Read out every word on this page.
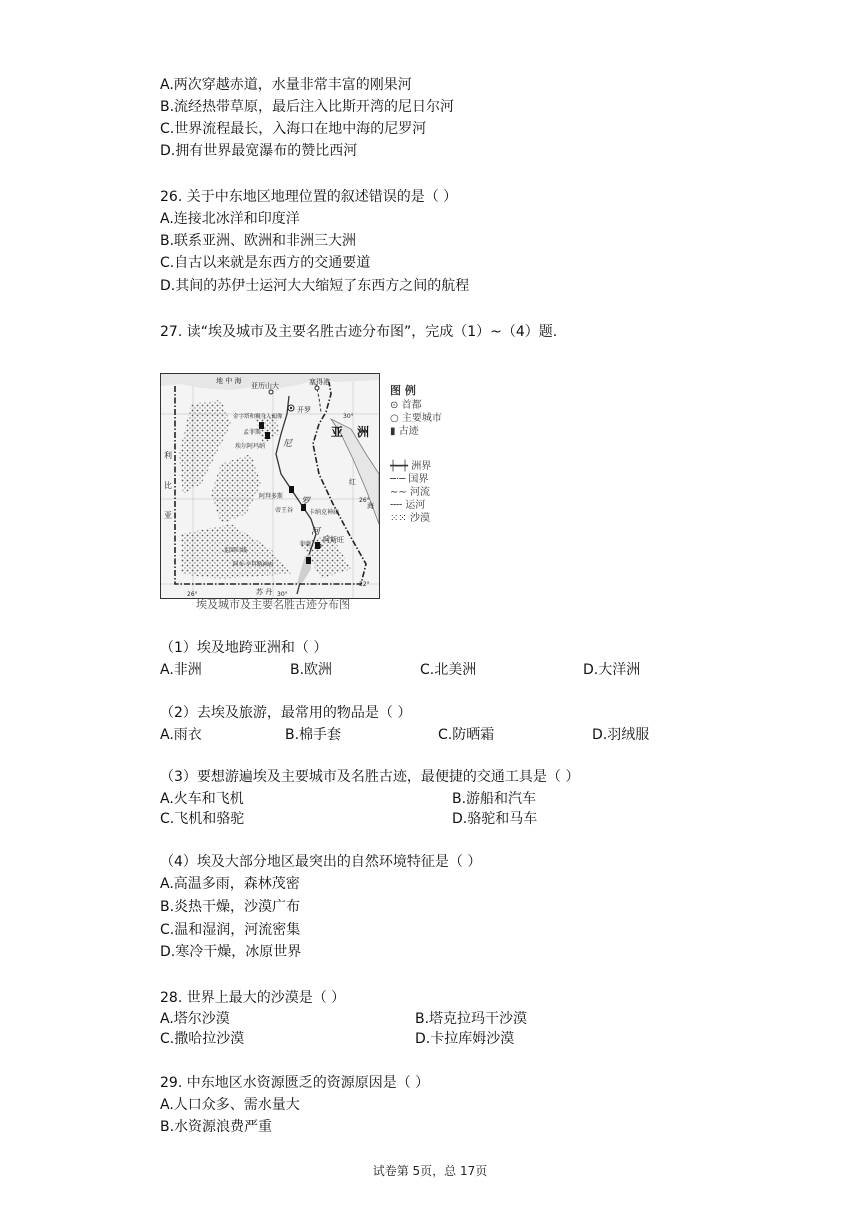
A.两次穿越赤道，水量非常丰富的刚果河
B.流经热带草原，最后注入比斯开湾的尼日尔河
C.世界流程最长，入海口在地中海的尼罗河
D.拥有世界最宽瀑布的赞比西河
26. 关于中东地区地理位置的叙述错误的是（ ）
A.连接北冰洋和印度洋
B.联系亚洲、欧洲和非洲三大洲
C.自古以来就是东西方的交通要道
D.其间的苏伊士运河大大缩短了东西方之间的航程
27. 读“埃及城市及主要名胜古迹分布图”，完成（1）~（4）题.
地 中 海
亚历山大	塞得港
开罗
金字塔和狮身人面像
孟菲斯
埃尔阿玛纳
阿拜多斯
帝王谷	卡纳克神庙
菲莱
阿斯旺
北回归线
阿布·辛拜勒神庙
苏 丹
30°
26°
22°
26°	30°
红
海
亚 洲
尼
罗
河
利
比
亚
图 例
⊙ 首都
○ 主要城市
▮ 古迹
┿━┿ 洲界
─·─ 国界
∼∼ 河流
╌╌ 运河
⁙⁙ 沙漠
埃及城市及主要名胜古迹分布图
（1）埃及地跨亚洲和（ ）
A.非洲	B.欧洲	C.北美洲	D.大洋洲
（2）去埃及旅游，最常用的物品是（ ）
A.雨衣	B.棉手套	C.防晒霜	D.羽绒服
（3）要想游遍埃及主要城市及名胜古迹，最便捷的交通工具是（ ）
A.火车和飞机	B.游船和汽车
C.飞机和骆驼	D.骆驼和马车
（4）埃及大部分地区最突出的自然环境特征是（ ）
A.高温多雨，森林茂密
B.炎热干燥，沙漠广布
C.温和湿润，河流密集
D.寒冷干燥，冰原世界
28. 世界上最大的沙漠是（ ）
A.塔尔沙漠	B.塔克拉玛干沙漠
C.撒哈拉沙漠	D.卡拉库姆沙漠
29. 中东地区水资源匮乏的资源原因是（ ）
A.人口众多、需水量大
B.水资源浪费严重
试卷第 5页，总 17页
